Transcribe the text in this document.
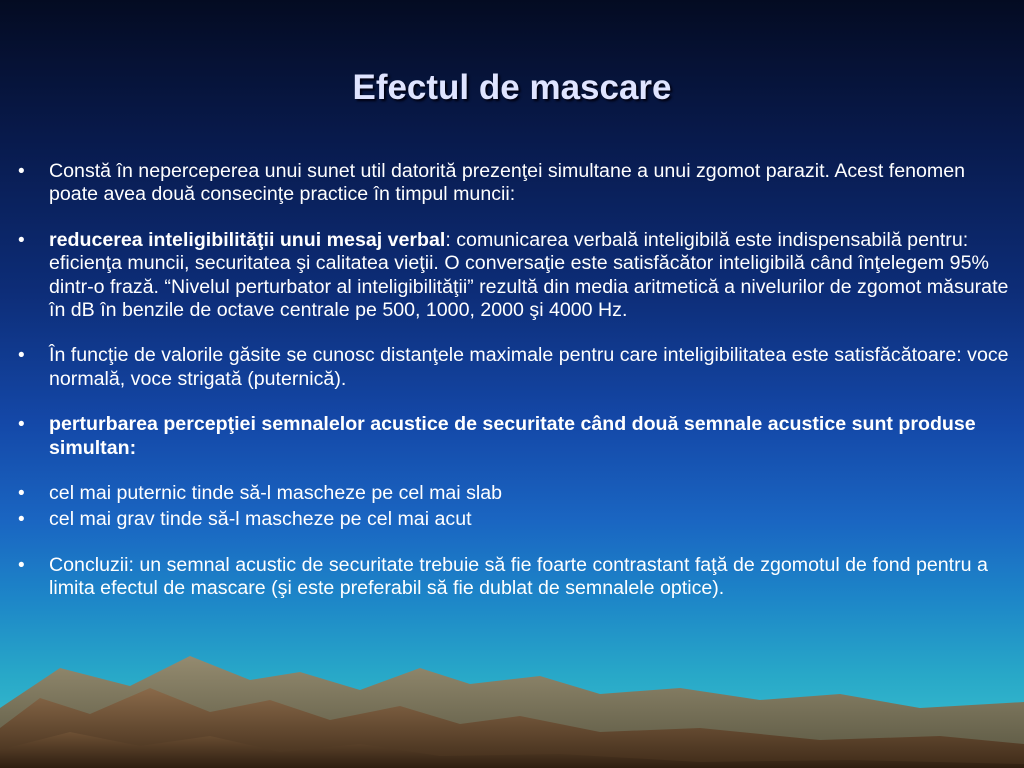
Efectul de mascare
•	Constă în neperceperea unui sunet util datorită prezenţei simultane a unui zgomot parazit. Acest fenomen poate avea două consecinţe practice în timpul muncii:
•	reducerea inteligibilităţii unui mesaj verbal: comunicarea verbală inteligibilă este indispensabilă pentru: eficienţa muncii, securitatea şi calitatea vieţii. O conversaţie este satisfăcător inteligibilă când înţelegem 95% dintr-o frază. “Nivelul perturbator al inteligibilităţii” rezultă din media aritmetică a nivelurilor de zgomot măsurate în dB în benzile de octave centrale pe 500, 1000, 2000 şi 4000 Hz.
•	În funcţie de valorile găsite se cunosc distanţele maximale pentru care inteligibilitatea este satisfăcătoare: voce normală, voce strigată (puternică).
•	perturbarea percepţiei semnalelor acustice de securitate când două semnale acustice sunt produse simultan:
•	cel mai puternic tinde să-l mascheze pe cel mai slab
•	cel mai grav tinde să-l mascheze pe cel mai acut
•	Concluzii: un semnal acustic de securitate trebuie să fie foarte contrastant faţă de zgomotul de fond pentru a limita efectul de mascare (şi este preferabil să fie dublat de semnalele optice).
